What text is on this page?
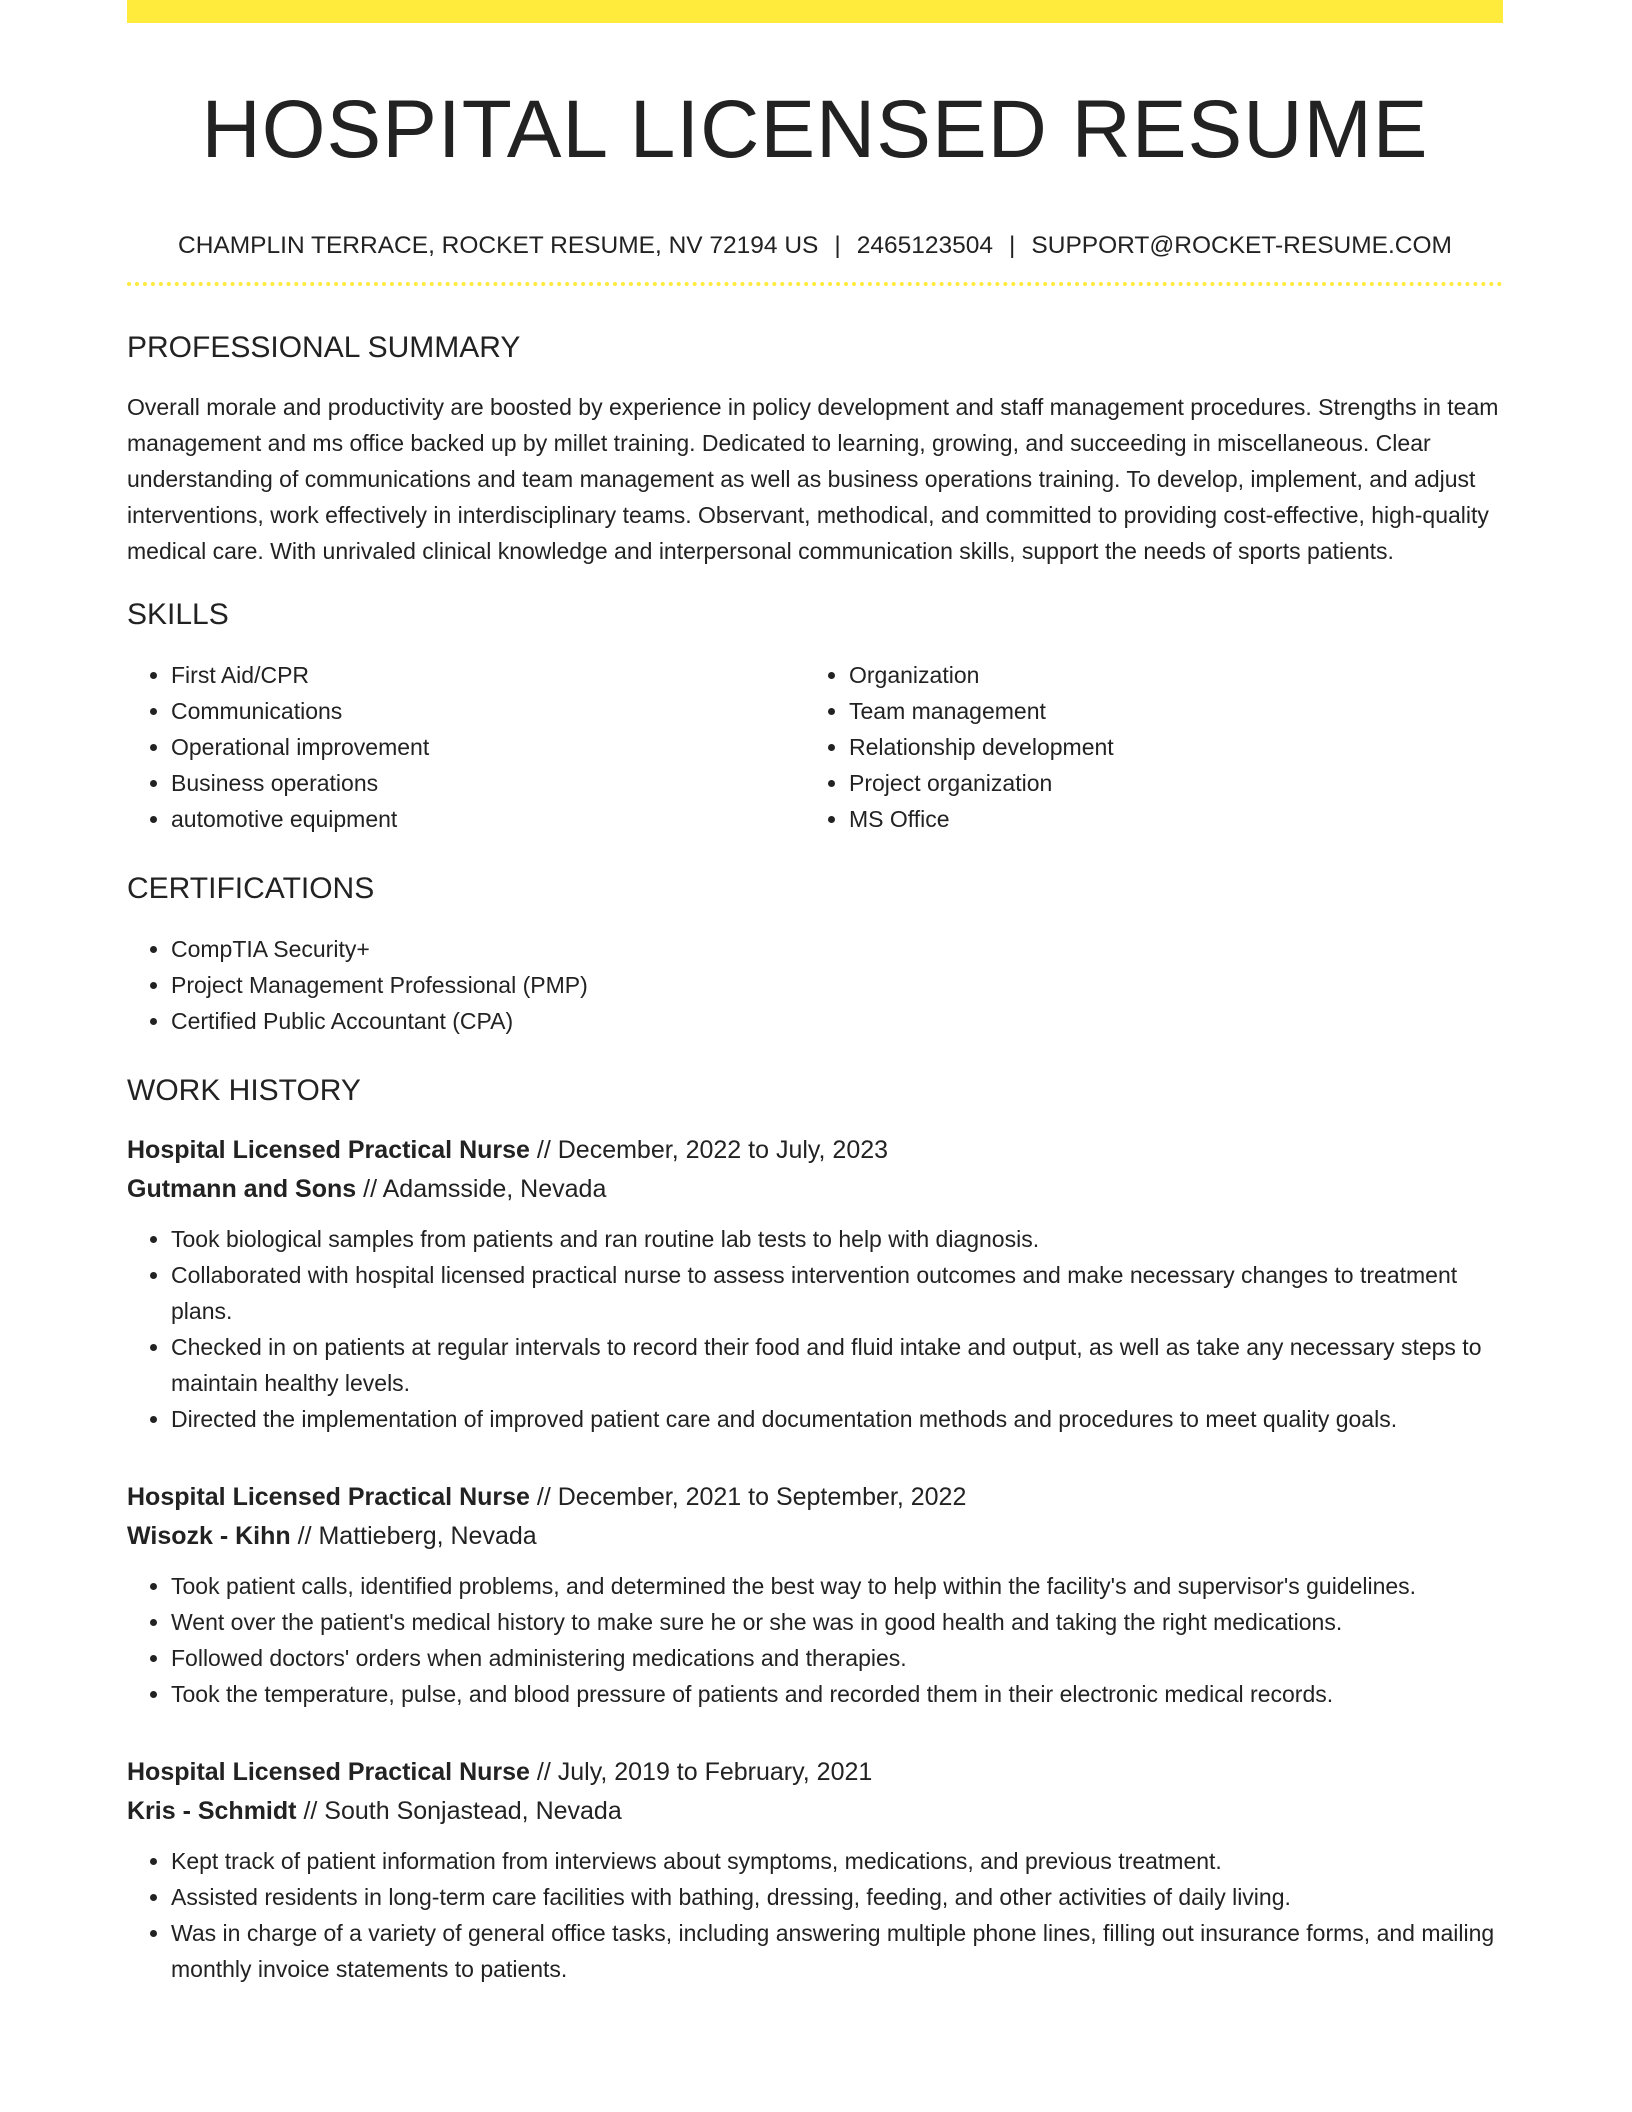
HOSPITAL LICENSED RESUME
CHAMPLIN TERRACE, ROCKET RESUME, NV 72194 US | 2465123504 | SUPPORT@ROCKET-RESUME.COM
PROFESSIONAL SUMMARY

Overall morale and productivity are boosted by experience in policy development and staff management procedures. Strengths in team management and ms office backed up by millet training. Dedicated to learning, growing, and succeeding in miscellaneous. Clear understanding of communications and team management as well as business operations training. To develop, implement, and adjust interventions, work effectively in interdisciplinary teams. Observant, methodical, and committed to providing cost-effective, high-quality medical care. With unrivaled clinical knowledge and interpersonal communication skills, support the needs of sports patients.

SKILLS
• First Aid/CPR
• Communications
• Operational improvement
• Business operations
• automotive equipment
• Organization
• Team management
• Relationship development
• Project organization
• MS Office
CERTIFICATIONS
• CompTIA Security+
• Project Management Professional (PMP)
• Certified Public Accountant (CPA)
WORK HISTORY
Hospital Licensed Practical Nurse // December, 2022 to July, 2023
Gutmann and Sons // Adamsside, Nevada
• Took biological samples from patients and ran routine lab tests to help with diagnosis.
• Collaborated with hospital licensed practical nurse to assess intervention outcomes and make necessary changes to treatment plans.
• Checked in on patients at regular intervals to record their food and fluid intake and output, as well as take any necessary steps to maintain healthy levels.
• Directed the implementation of improved patient care and documentation methods and procedures to meet quality goals.
Hospital Licensed Practical Nurse // December, 2021 to September, 2022
Wisozk - Kihn // Mattieberg, Nevada
• Took patient calls, identified problems, and determined the best way to help within the facility's and supervisor's guidelines.
• Went over the patient's medical history to make sure he or she was in good health and taking the right medications.
• Followed doctors' orders when administering medications and therapies.
• Took the temperature, pulse, and blood pressure of patients and recorded them in their electronic medical records.
Hospital Licensed Practical Nurse // July, 2019 to February, 2021
Kris - Schmidt // South Sonjastead, Nevada
• Kept track of patient information from interviews about symptoms, medications, and previous treatment.
• Assisted residents in long-term care facilities with bathing, dressing, feeding, and other activities of daily living.
• Was in charge of a variety of general office tasks, including answering multiple phone lines, filling out insurance forms, and mailing monthly invoice statements to patients.
